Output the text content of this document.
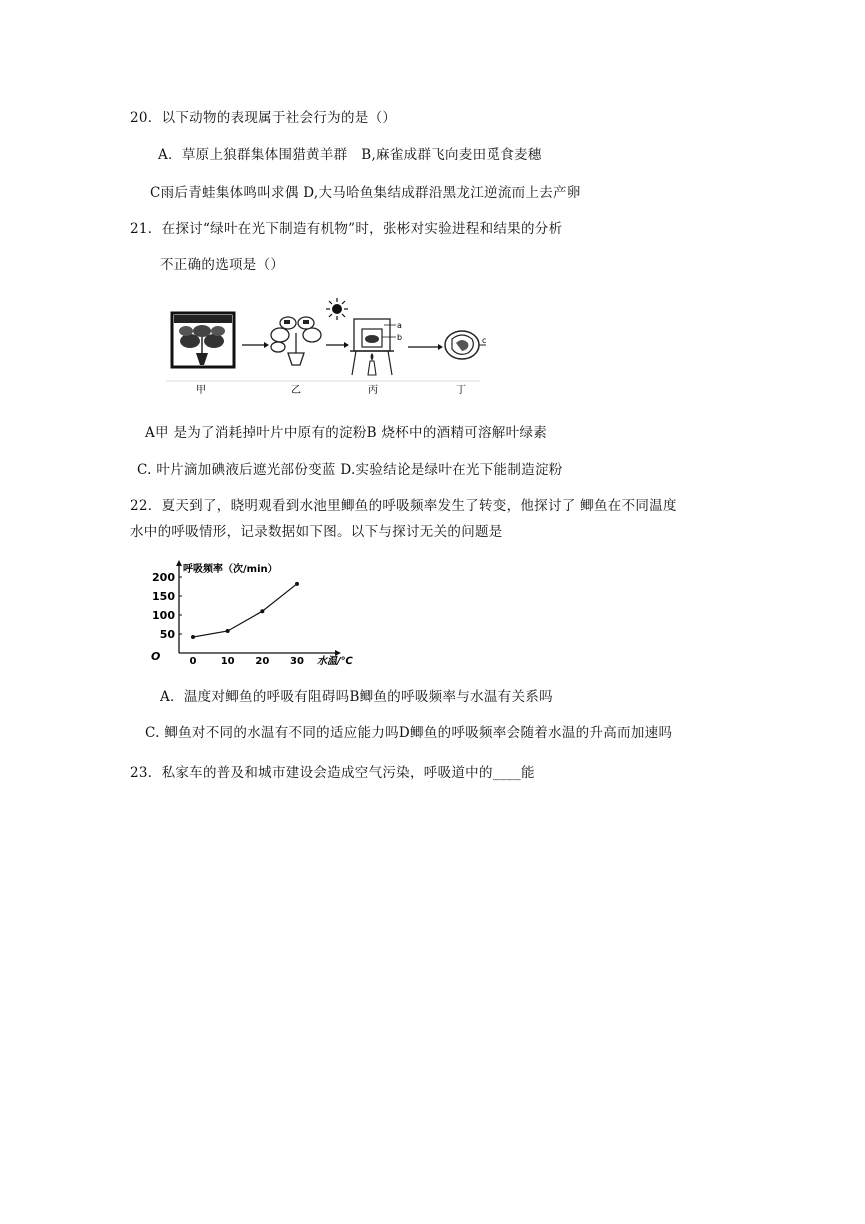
20．以下动物的表现属于社会行为的是（）
A．草原上狼群集体围猎黄羊群　B,麻雀成群飞向麦田觅食麦穗
C雨后青蛙集体鸣叫求偶 D,大马哈鱼集结成群沿黑龙江逆流而上去产卵
21．在探讨“绿叶在光下制造有机物”时，张彬对实验进程和结果的分析
不正确的选项是（）
a
b	c
甲	乙	丙	丁
A甲 是为了消耗掉叶片中原有的淀粉B 烧杯中的酒精可溶解叶绿素
C. 叶片滴加碘液后遮光部份变蓝 D.实验结论是绿叶在光下能制造淀粉
22．夏天到了，晓明观看到水池里鲫鱼的呼吸频率发生了转变，他探讨了 鲫鱼在不同温度
水中的呼吸情形，记录数据如下图。以下与探讨无关的问题是
50
100
150
200
0 10 20 30
呼吸频率（次/min）
水温/℃
O
A．温度对鲫鱼的呼吸有阻碍吗B鲫鱼的呼吸频率与水温有关系吗
C. 鲫鱼对不同的水温有不同的适应能力吗D鲫鱼的呼吸频率会随着水温的升高而加速吗
23．私家车的普及和城市建设会造成空气污染，呼吸道中的____能
